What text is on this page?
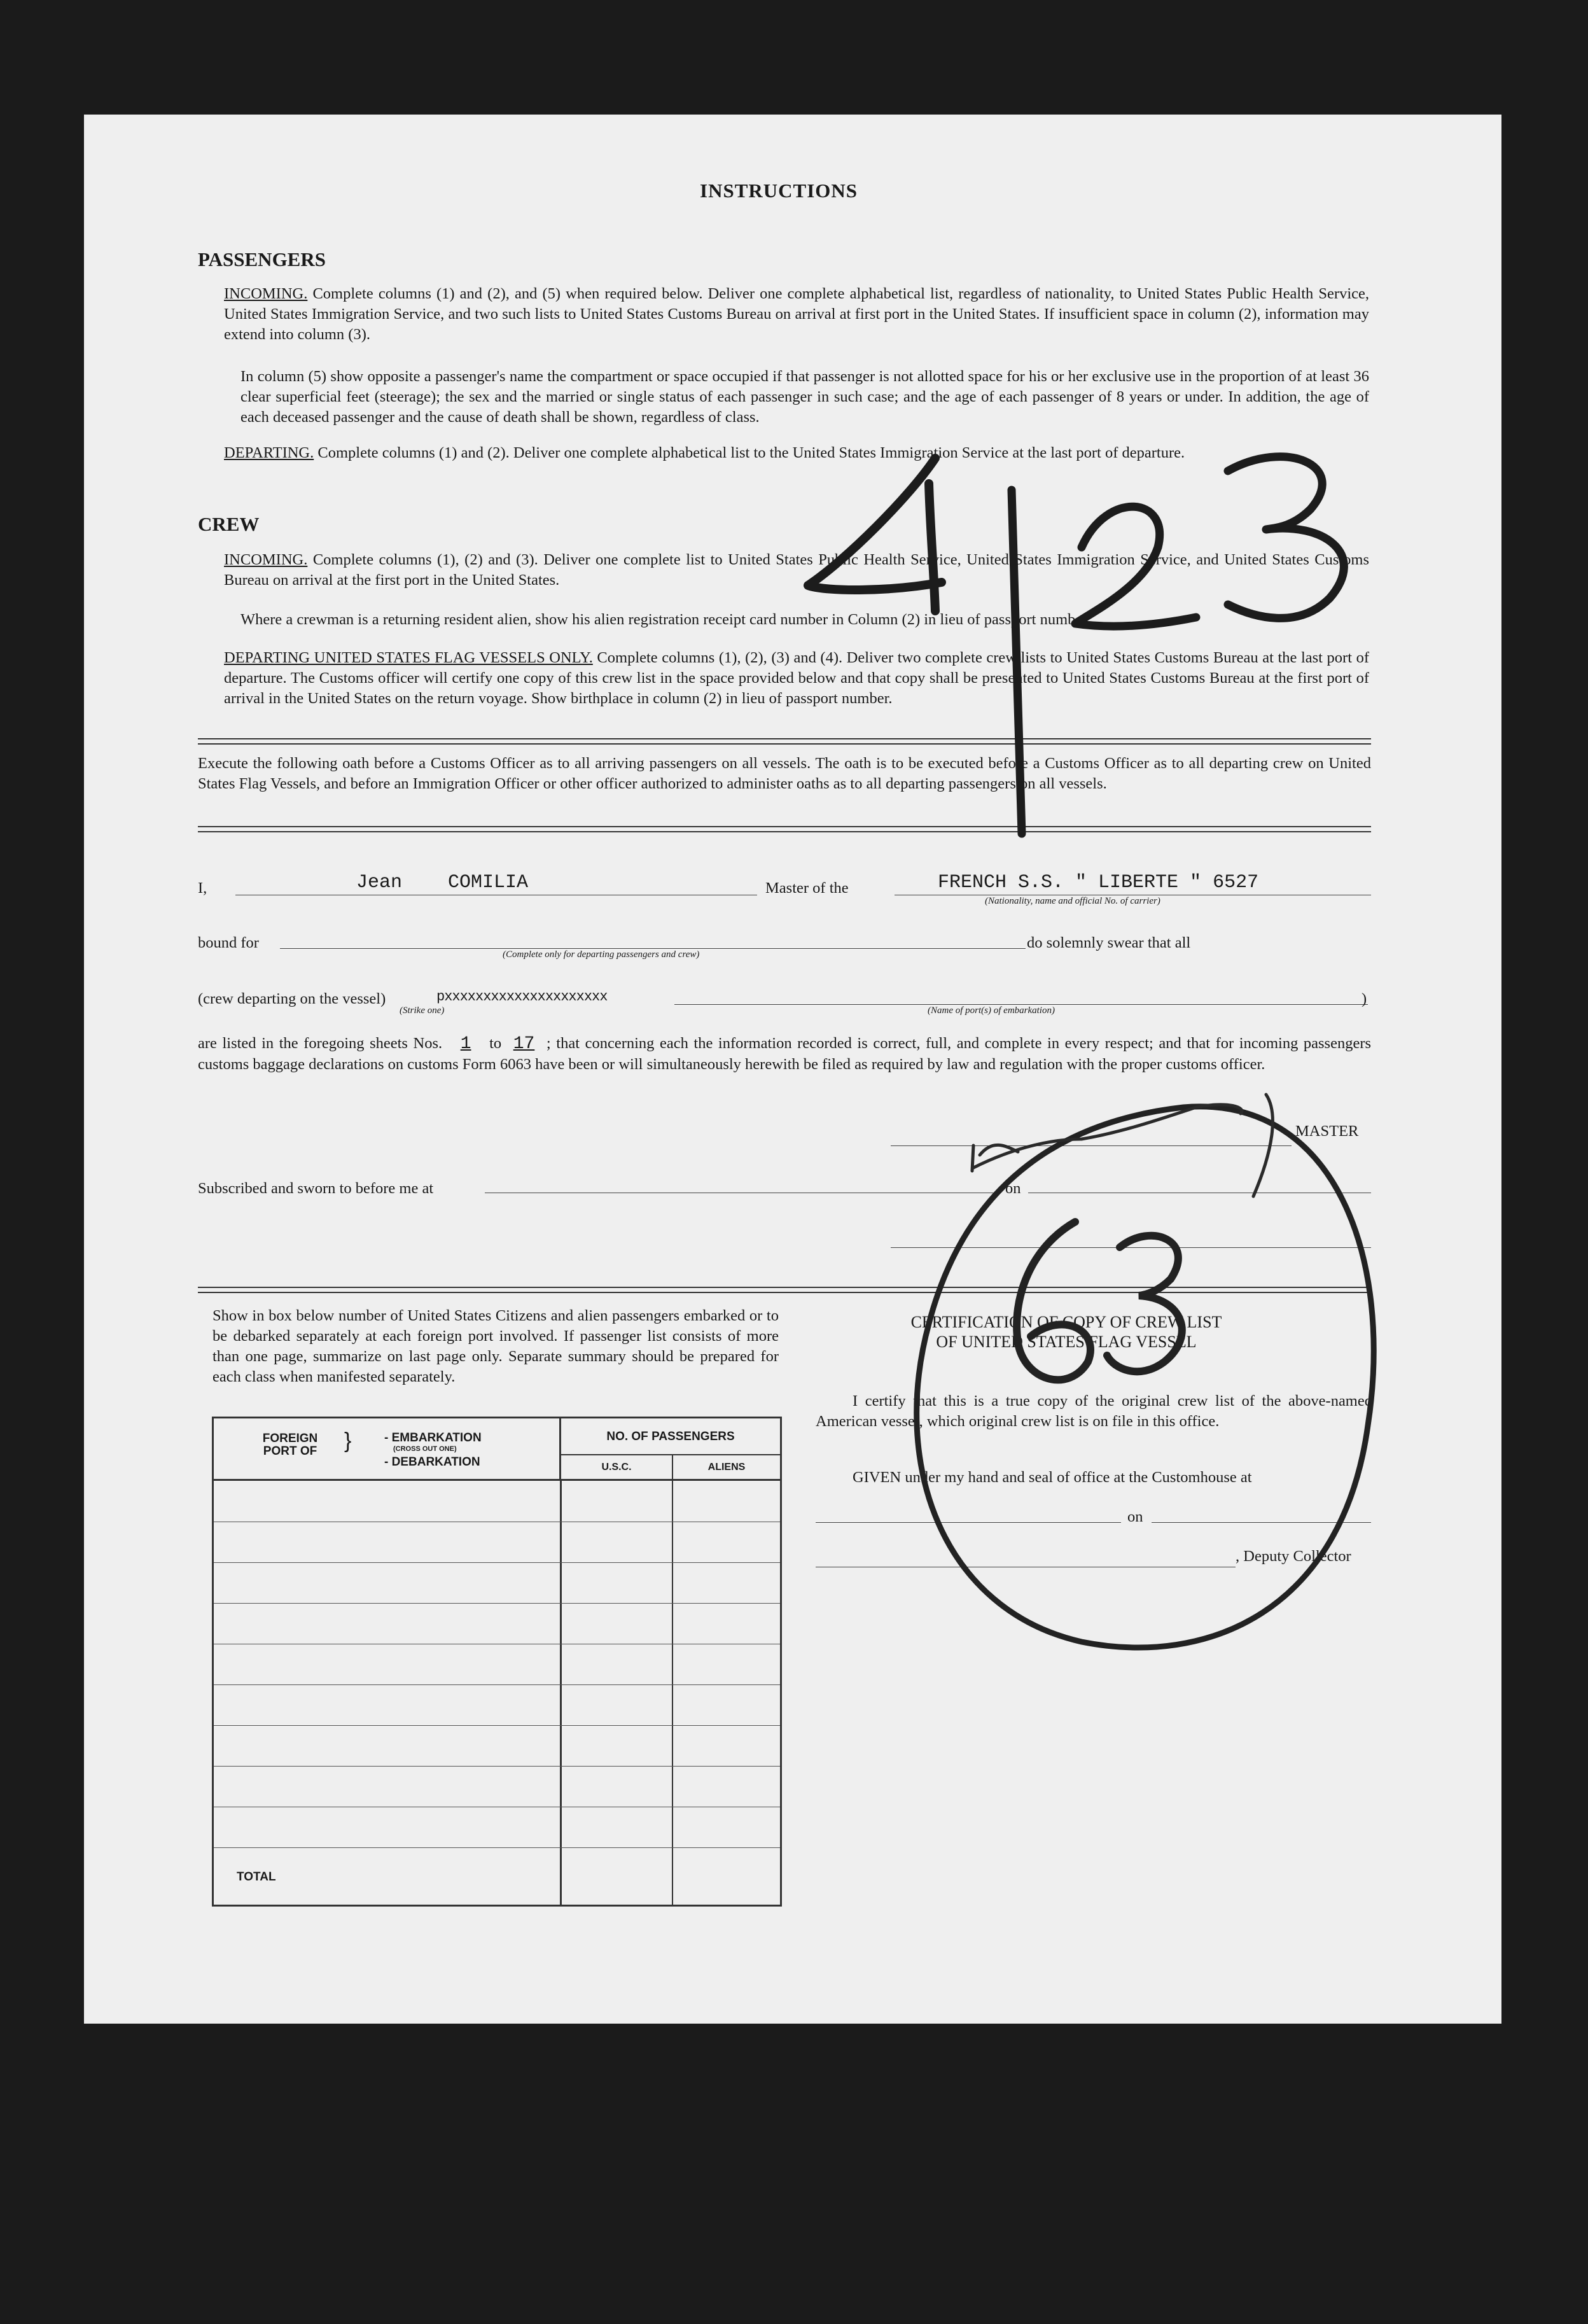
INSTRUCTIONS
PASSENGERS
INCOMING. Complete columns (1) and (2), and (5) when required below. Deliver one complete alphabetical list, regardless of nationality, to United States Public Health Service, United States Immigration Service, and two such lists to United States Customs Bureau on arrival at first port in the United States. If insufficient space in column (2), information may extend into column (3).
In column (5) show opposite a passenger's name the compartment or space occupied if that passenger is not allotted space for his or her exclusive use in the proportion of at least 36 clear superficial feet (steerage); the sex and the married or single status of each passenger in such case; and the age of each passenger of 8 years or under. In addition, the age of each deceased passenger and the cause of death shall be shown, regardless of class.
DEPARTING. Complete columns (1) and (2). Deliver one complete alphabetical list to the United States Immigration Service at the last port of departure.
CREW
INCOMING. Complete columns (1), (2) and (3). Deliver one complete list to United States Public Health Service, United States Immigration Service, and United States Customs Bureau on arrival at the first port in the United States.
Where a crewman is a returning resident alien, show his alien registration receipt card number in Column (2) in lieu of passport number.
DEPARTING UNITED STATES FLAG VESSELS ONLY. Complete columns (1), (2), (3) and (4). Deliver two complete crew lists to United States Customs Bureau at the last port of departure. The Customs officer will certify one copy of this crew list in the space provided below and that copy shall be presented to United States Customs Bureau at the first port of arrival in the United States on the return voyage. Show birthplace in column (2) in lieu of passport number.
Execute the following oath before a Customs Officer as to all arriving passengers on all vessels. The oath is to be executed before a Customs Officer as to all departing crew on United States Flag Vessels, and before an Immigration Officer or other officer authorized to administer oaths as to all departing passengers on all vessels.
I,	Jean    COMILIA	Master of the	FRENCH S.S. " LIBERTE " 6527
(Nationality, name and official No. of carrier)
bound for
(Complete only for departing passengers and crew)
do solemnly swear that all
(crew departing on the vessel)	pxxxxxxxxxxxxxxxxxxxxx
(Strike one)
)
(Name of port(s) of embarkation)
are listed in the foregoing sheets Nos. 1 to 17 ; that concerning each the information recorded is correct, full, and complete in every respect; and that for incoming passengers customs baggage declarations on customs Form 6063 have been or will simultaneously herewith be filed as required by law and regulation with the proper customs officer.
MASTER
Subscribed and sworn to before me at	on
Show in box below number of United States Citizens and alien passengers embarked or to be debarked separately at each foreign port involved. If passenger list consists of more than one page, summarize on last page only. Separate summary should be prepared for each class when manifested separately.
FOREIGN PORT OF	}	- EMBARKATION
(CROSS OUT ONE)
- DEBARKATION
NO. OF PASSENGERS
U.S.C.	ALIENS
TOTAL
CERTIFICATION OF COPY OF CREW LIST
OF UNITED STATES FLAG VESSEL
I certify that this is a true copy of the original crew list of the above-named American vessel, which original crew list is on file in this office.
GIVEN under my hand and seal of office at the Customhouse at
on
, Deputy Collector
